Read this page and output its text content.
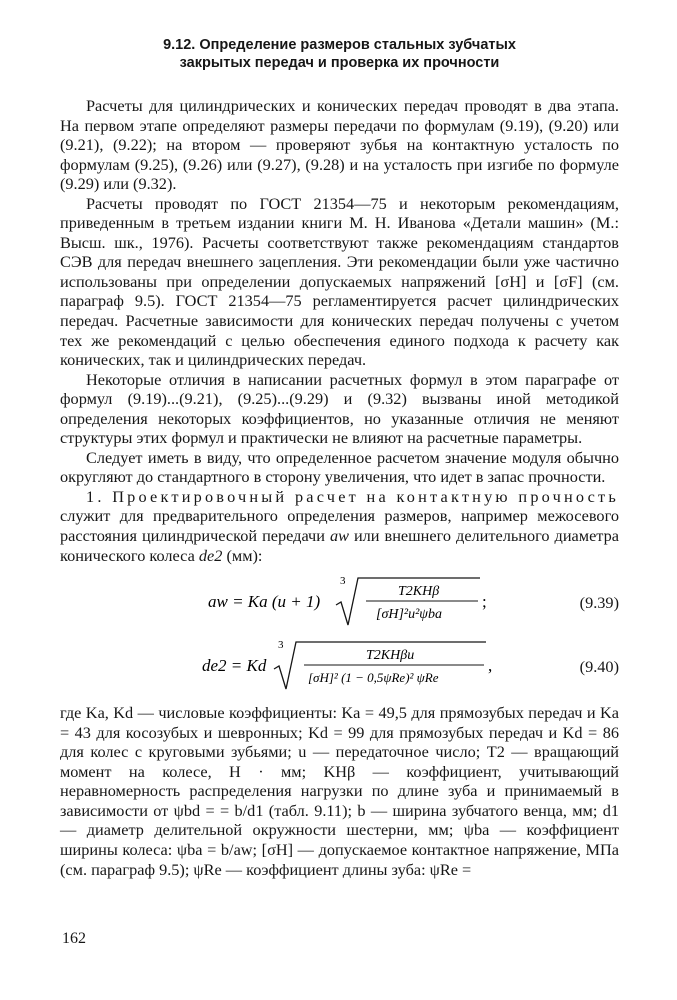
9.12. Определение размеров стальных зубчатых
закрытых передач и проверка их прочности

Расчеты для цилиндрических и конических передач проводят в два этапа. На первом этапе определяют размеры передачи по формулам (9.19), (9.20) или (9.21), (9.22); на втором — проверяют зубья на контактную усталость по формулам (9.25), (9.26) или (9.27), (9.28) и на усталость при изгибе по формуле (9.29) или (9.32).

Расчеты проводят по ГОСТ 21354—75 и некоторым рекомендациям, приведенным в третьем издании книги М. Н. Иванова «Детали машин» (М.: Высш. шк., 1976). Расчеты соответствуют также рекомендациям стандартов СЭВ для передач внешнего зацепления. Эти рекомендации были уже частично использованы при определении допускаемых напряжений [σH] и [σF] (см. параграф 9.5). ГОСТ 21354—75 регламентируется расчет цилиндрических передач. Расчетные зависимости для конических передач получены с учетом тех же рекомендаций с целью обеспечения единого подхода к расчету как конических, так и цилиндрических передач.

Некоторые отличия в написании расчетных формул в этом параграфе от формул (9.19)...(9.21), (9.25)...(9.29) и (9.32) вызваны иной методикой определения некоторых коэффициентов, но указанные отличия не меняют структуры этих формул и практически не влияют на расчетные параметры.

Следует иметь в виду, что определенное расчетом значение модуля обычно округляют до стандартного в сторону увеличения, что идет в запас прочности.

1. Проектировочный расчет на контактную прочность служит для предварительного определения размеров, например межосевого расстояния цилиндрической передачи aw или внешнего делительного диаметра конического колеса de2 (мм):

aw = Ka (u + 1)
3
T2KHβ
[σH]²u²ψba
;	(9.39)
de2 = Kd
3
T2KHβu
[σH]² (1 − 0,5ψRe)² ψRe
,	(9.40)

где Ka, Kd — числовые коэффициенты: Ka = 49,5 для прямозубых передач и Ka = 43 для косозубых и шевронных; Kd = 99 для прямозубых передач и Kd = 86 для колес с круговыми зубьями; u — передаточное число; T2 — вращающий момент на колесе, Н · мм; KHβ — коэффициент, учитывающий неравномерность распределения нагрузки по длине зуба и принимаемый в зависимости от ψbd = = b/d1 (табл. 9.11); b — ширина зубчатого венца, мм; d1 — диаметр делительной окружности шестерни, мм; ψba — коэффициент ширины колеса: ψba = b/aw; [σH] — допускаемое контактное напряжение, МПа (см. параграф 9.5); ψRe — коэффициент длины зуба: ψRe =

162
